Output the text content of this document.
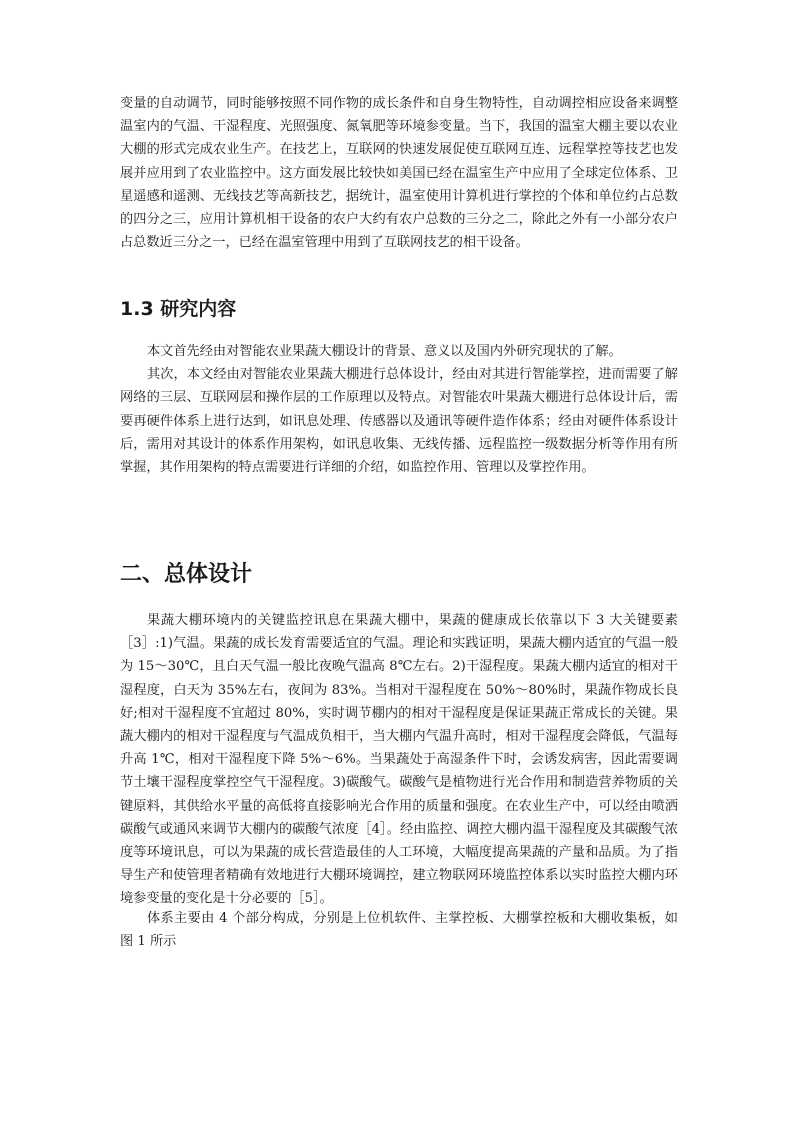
变量的自动调节，同时能够按照不同作物的成长条件和自身生物特性，自动调控相应设备来调整温室内的气温、干湿程度、光照强度、氮氧肥等环境参变量。当下，我国的温室大棚主要以农业大棚的形式完成农业生产。在技艺上，互联网的快速发展促使互联网互连、远程掌控等技艺也发展并应用到了农业监控中。这方面发展比较快如美国已经在温室生产中应用了全球定位体系、卫星遥感和遥测、无线技艺等高新技艺，据统计，温室使用计算机进行掌控的个体和单位约占总数的四分之三，应用计算机相干设备的农户大约有农户总数的三分之二，除此之外有一小部分农户占总数近三分之一，已经在温室管理中用到了互联网技艺的相干设备。

1.3 研究内容

本文首先经由对智能农业果蔬大棚设计的背景、意义以及国内外研究现状的了解。

其次，本文经由对智能农业果蔬大棚进行总体设计，经由对其进行智能掌控，进而需要了解网络的三层、互联网层和操作层的工作原理以及特点。对智能农叶果蔬大棚进行总体设计后，需要再硬件体系上进行达到，如讯息处理、传感器以及通讯等硬件造作体系；经由对硬件体系设计后，需用对其设计的体系作用架构，如讯息收集、无线传播、远程监控一级数据分析等作用有所掌握，其作用架构的特点需要进行详细的介绍，如监控作用、管理以及掌控作用。

二、总体设计

果蔬大棚环境内的关键监控讯息在果蔬大棚中，果蔬的健康成长依靠以下 3 大关键要素［3］:1)气温。果蔬的成长发育需要适宜的气温。理论和实践证明，果蔬大棚内适宜的气温一般为 15～30℃，且白天气温一般比夜晚气温高 8℃左右。2)干湿程度。果蔬大棚内适宜的相对干湿程度，白天为 35%左右，夜间为 83%。当相对干湿程度在 50%～80%时，果蔬作物成长良好;相对干湿程度不宜超过 80%，实时调节棚内的相对干湿程度是保证果蔬正常成长的关键。果蔬大棚内的相对干湿程度与气温成负相干，当大棚内气温升高时，相对干湿程度会降低，气温每升高 1℃，相对干湿程度下降 5%～6%。当果蔬处于高湿条件下时，会诱发病害，因此需要调节土壤干湿程度掌控空气干湿程度。3)碳酸气。碳酸气是植物进行光合作用和制造营养物质的关键原料，其供给水平量的高低将直接影响光合作用的质量和强度。在农业生产中，可以经由喷洒碳酸气或通风来调节大棚内的碳酸气浓度［4］。经由监控、调控大棚内温干湿程度及其碳酸气浓度等环境讯息，可以为果蔬的成长营造最佳的人工环境，大幅度提高果蔬的产量和品质。为了指导生产和使管理者精确有效地进行大棚环境调控，建立物联网环境监控体系以实时监控大棚内环境参变量的变化是十分必要的［5］。

体系主要由 4 个部分构成，分别是上位机软件、主掌控板、大棚掌控板和大棚收集板，如图 1 所示
